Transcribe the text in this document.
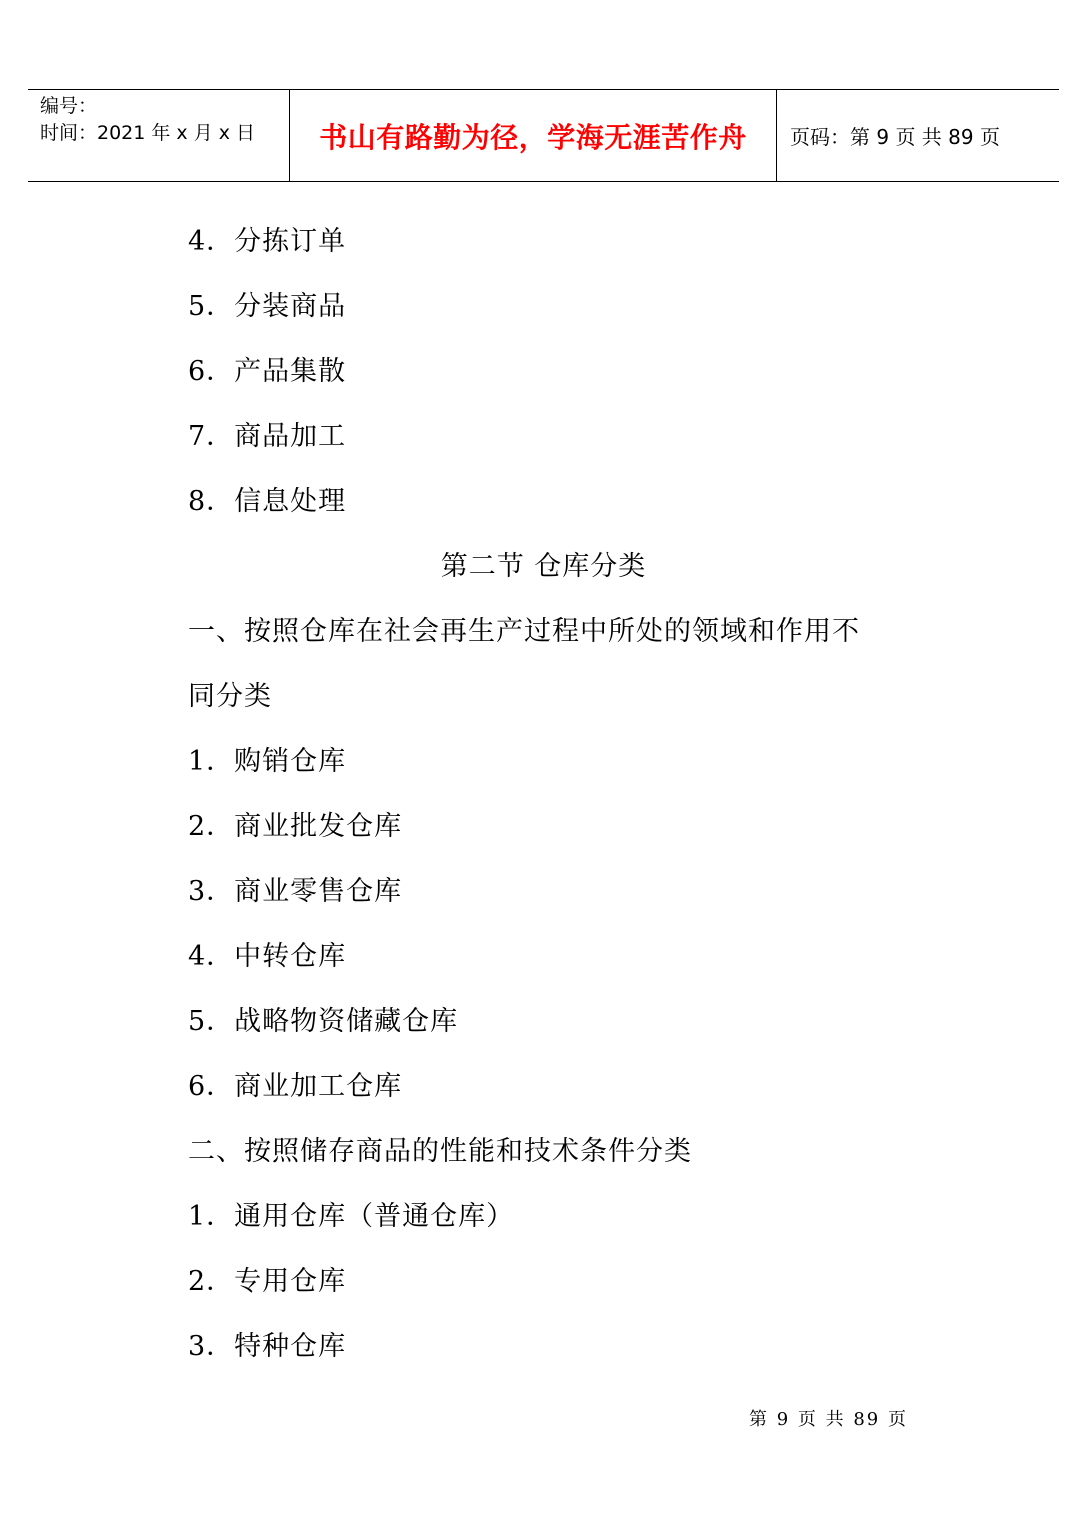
编号：
时间：2021 年 x 月 x 日 书山有路勤为径，学海无涯苦作舟 页码：第 9 页 共 89 页
4．分拣订单
5．分装商品
6．产品集散
7．商品加工
8．信息处理
第二节 仓库分类
一、按照仓库在社会再生产过程中所处的领域和作用不
同分类
1．购销仓库
2．商业批发仓库
3．商业零售仓库
4．中转仓库
5．战略物资储藏仓库
6．商业加工仓库
二、按照储存商品的性能和技术条件分类
1．通用仓库（普通仓库）
2．专用仓库
3．特种仓库
第 9 页 共 89 页
